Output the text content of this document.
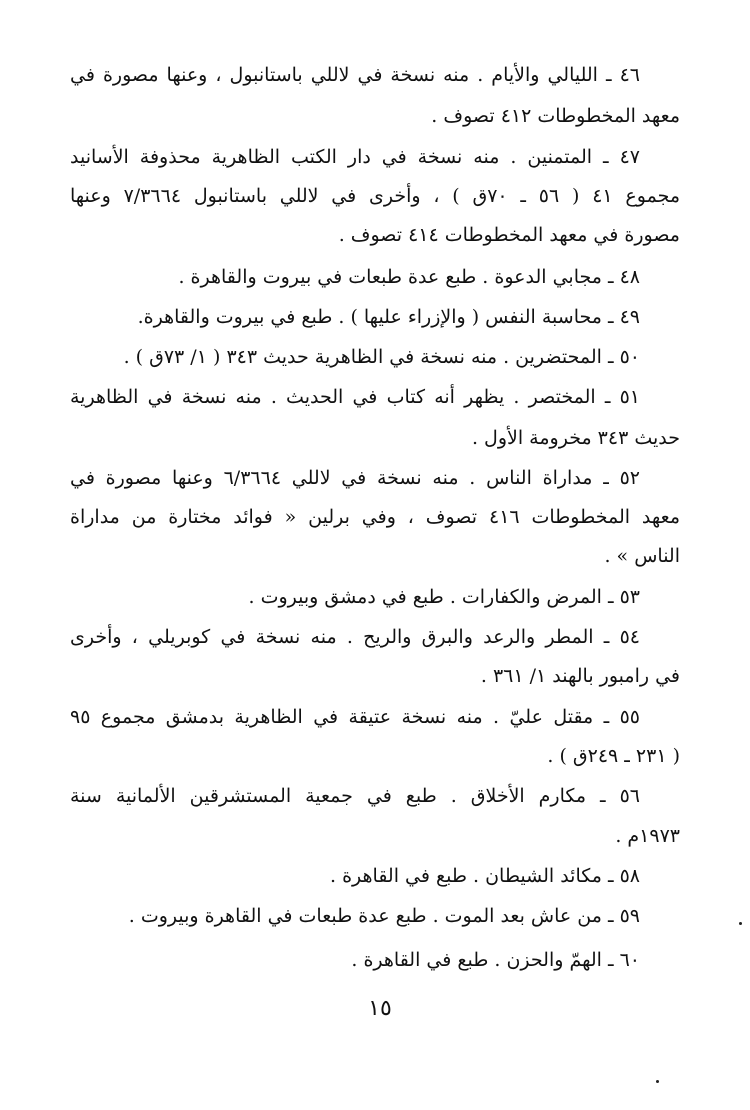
٤٦ ـ الليالي والأيام . منه نسخة في لاللي باستانبول ، وعنها مصورة في
معهد المخطوطات ٤١٢ تصوف .
٤٧ ـ المتمنين . منه نسخة في دار الكتب الظاهرية محذوفة الأسانيد
مجموع ٤١ ( ٥٦ ـ ٧٠ق ) ، وأخرى في لاللي باستانبول ٧/٣٦٦٤ وعنها
مصورة في معهد المخطوطات ٤١٤ تصوف .
٤٨ ـ مجابي الدعوة . طبع عدة طبعات في بيروت والقاهرة .
٤٩ ـ محاسبة النفس ( والإزراء عليها ) . طبع في بيروت والقاهرة.
٥٠ ـ المحتضرين . منه نسخة في الظاهرية حديث ٣٤٣ ( ١/ ٧٣ق ) .
٥١ ـ المختصر . يظهر أنه كتاب في الحديث . منه نسخة في الظاهرية
حديث ٣٤٣ مخرومة الأول .
٥٢ ـ مداراة الناس . منه نسخة في لاللي ٦/٣٦٦٤ وعنها مصورة في
معهد المخطوطات ٤١٦ تصوف ، وفي برلين « فوائد مختارة من مداراة
الناس » .
٥٣ ـ المرض والكفارات . طبع في دمشق وبيروت .
٥٤ ـ المطر والرعد والبرق والريح . منه نسخة في كوبريلي ، وأخرى
في رامبور بالهند ١/ ٣٦١ .
٥٥ ـ مقتل عليّ . منه نسخة عتيقة في الظاهرية بدمشق مجموع ٩٥
( ٢٣١ ـ ٢٤٩ق ) .
٥٦ ـ مكارم الأخلاق . طبع في جمعية المستشرقين الألمانية سنة
١٩٧٣م .
٥٨ ـ مكائد الشيطان . طبع في القاهرة .
٥٩ ـ من عاش بعد الموت . طبع عدة طبعات في القاهرة وبيروت .
٦٠ ـ الهمّ والحزن . طبع في القاهرة .
١٥
